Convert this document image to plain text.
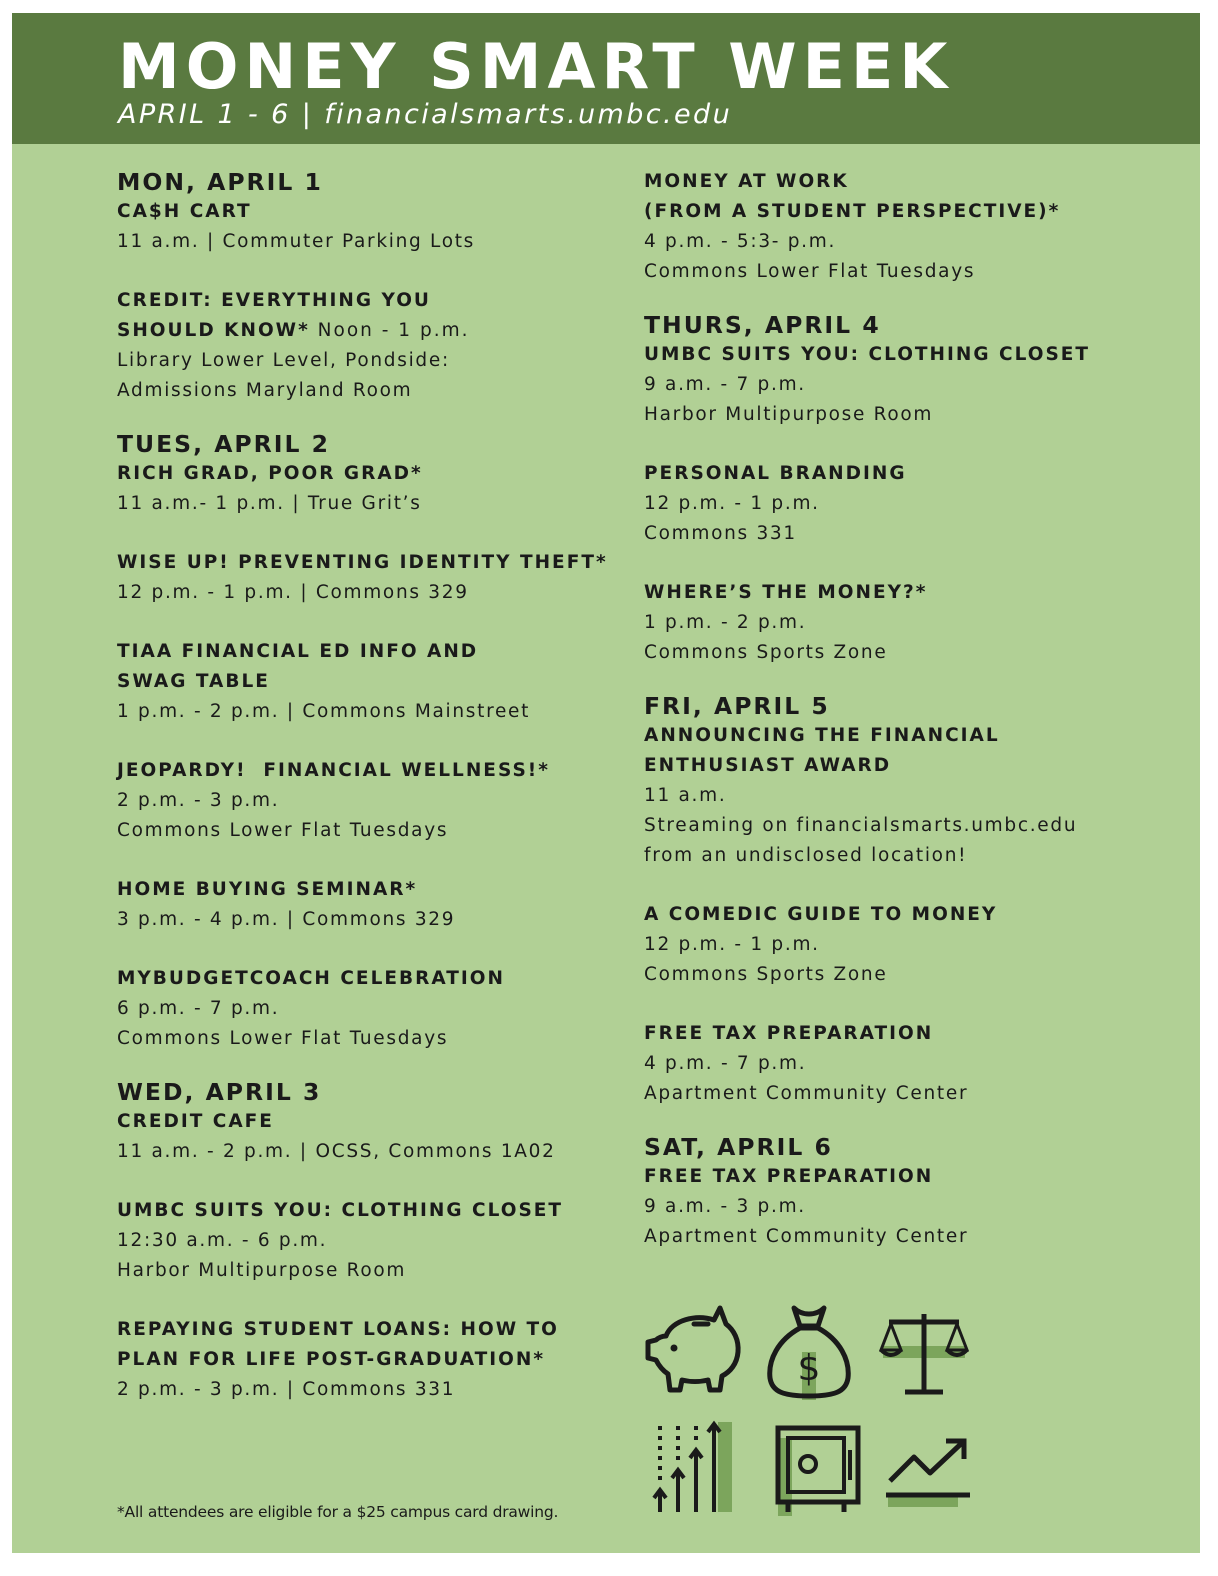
MONEY SMART WEEK
APRIL 1 - 6 | financialsmarts.umbc.edu
MON, APRIL 1
CA$H CART
11 a.m. | Commuter Parking Lots
CREDIT: EVERYTHING YOU
SHOULD KNOW* Noon - 1 p.m.
Library Lower Level, Pondside:
Admissions Maryland Room
TUES, APRIL 2
RICH GRAD, POOR GRAD*
11 a.m.- 1 p.m. | True Grit’s
WISE UP! PREVENTING IDENTITY THEFT*
12 p.m. - 1 p.m. | Commons 329
TIAA FINANCIAL ED INFO AND
SWAG TABLE
1 p.m. - 2 p.m. | Commons Mainstreet
JEOPARDY!  FINANCIAL WELLNESS!*
2 p.m. - 3 p.m.
Commons Lower Flat Tuesdays
HOME BUYING SEMINAR*
3 p.m. - 4 p.m. | Commons 329
MYBUDGETCOACH CELEBRATION
6 p.m. - 7 p.m.
Commons Lower Flat Tuesdays
WED, APRIL 3
CREDIT CAFE
11 a.m. - 2 p.m. | OCSS, Commons 1A02
UMBC SUITS YOU: CLOTHING CLOSET
12:30 a.m. - 6 p.m.
Harbor Multipurpose Room
REPAYING STUDENT LOANS: HOW TO
PLAN FOR LIFE POST-GRADUATION*
2 p.m. - 3 p.m. | Commons 331
MONEY AT WORK
(FROM A STUDENT PERSPECTIVE)*
4 p.m. - 5:3- p.m.
Commons Lower Flat Tuesdays
THURS, APRIL 4
UMBC SUITS YOU: CLOTHING CLOSET
9 a.m. - 7 p.m.
Harbor Multipurpose Room
PERSONAL BRANDING
12 p.m. - 1 p.m.
Commons 331
WHERE’S THE MONEY?*
1 p.m. - 2 p.m.
Commons Sports Zone
FRI, APRIL 5
ANNOUNCING THE FINANCIAL
ENTHUSIAST AWARD
11 a.m.
Streaming on financialsmarts.umbc.edu
from an undisclosed location!
A COMEDIC GUIDE TO MONEY
12 p.m. - 1 p.m.
Commons Sports Zone
FREE TAX PREPARATION
4 p.m. - 7 p.m.
Apartment Community Center
SAT, APRIL 6
FREE TAX PREPARATION
9 a.m. - 3 p.m.
Apartment Community Center
$
*All attendees are eligible for a $25 campus card drawing.
